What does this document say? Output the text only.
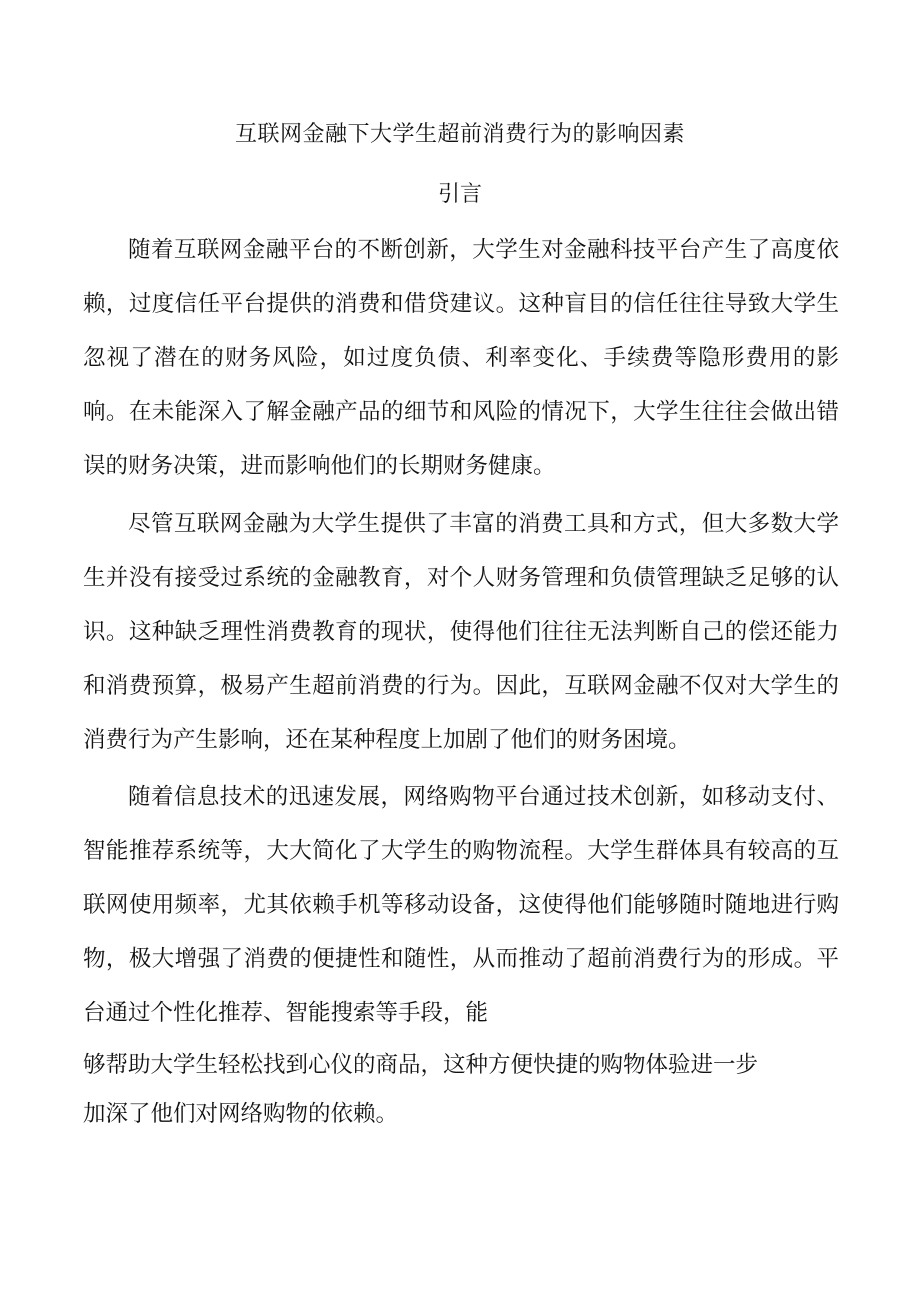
互联网金融下大学生超前消费行为的影响因素
引言

随着互联网金融平台的不断创新，大学生对金融科技平台产生了高度依赖，过度信任平台提供的消费和借贷建议。这种盲目的信任往往导致大学生忽视了潜在的财务风险，如过度负债、利率变化、手续费等隐形费用的影响。在未能深入了解金融产品的细节和风险的情况下，大学生往往会做出错误的财务决策，进而影响他们的长期财务健康。

尽管互联网金融为大学生提供了丰富的消费工具和方式，但大多数大学生并没有接受过系统的金融教育，对个人财务管理和负债管理缺乏足够的认识。这种缺乏理性消费教育的现状，使得他们往往无法判断自己的偿还能力和消费预算，极易产生超前消费的行为。因此，互联网金融不仅对大学生的消费行为产生影响，还在某种程度上加剧了他们的财务困境。

随着信息技术的迅速发展，网络购物平台通过技术创新，如移动支付、智能推荐系统等，大大简化了大学生的购物流程。大学生群体具有较高的互联网使用频率，尤其依赖手机等移动设备，这使得他们能够随时随地进行购物，极大增强了消费的便捷性和随性，从而推动了超前消费行为的形成。平台通过个性化推荐、智能搜索等手段，能

够帮助大学生轻松找到心仪的商品，这种方便快捷的购物体验进一步

加深了他们对网络购物的依赖。
